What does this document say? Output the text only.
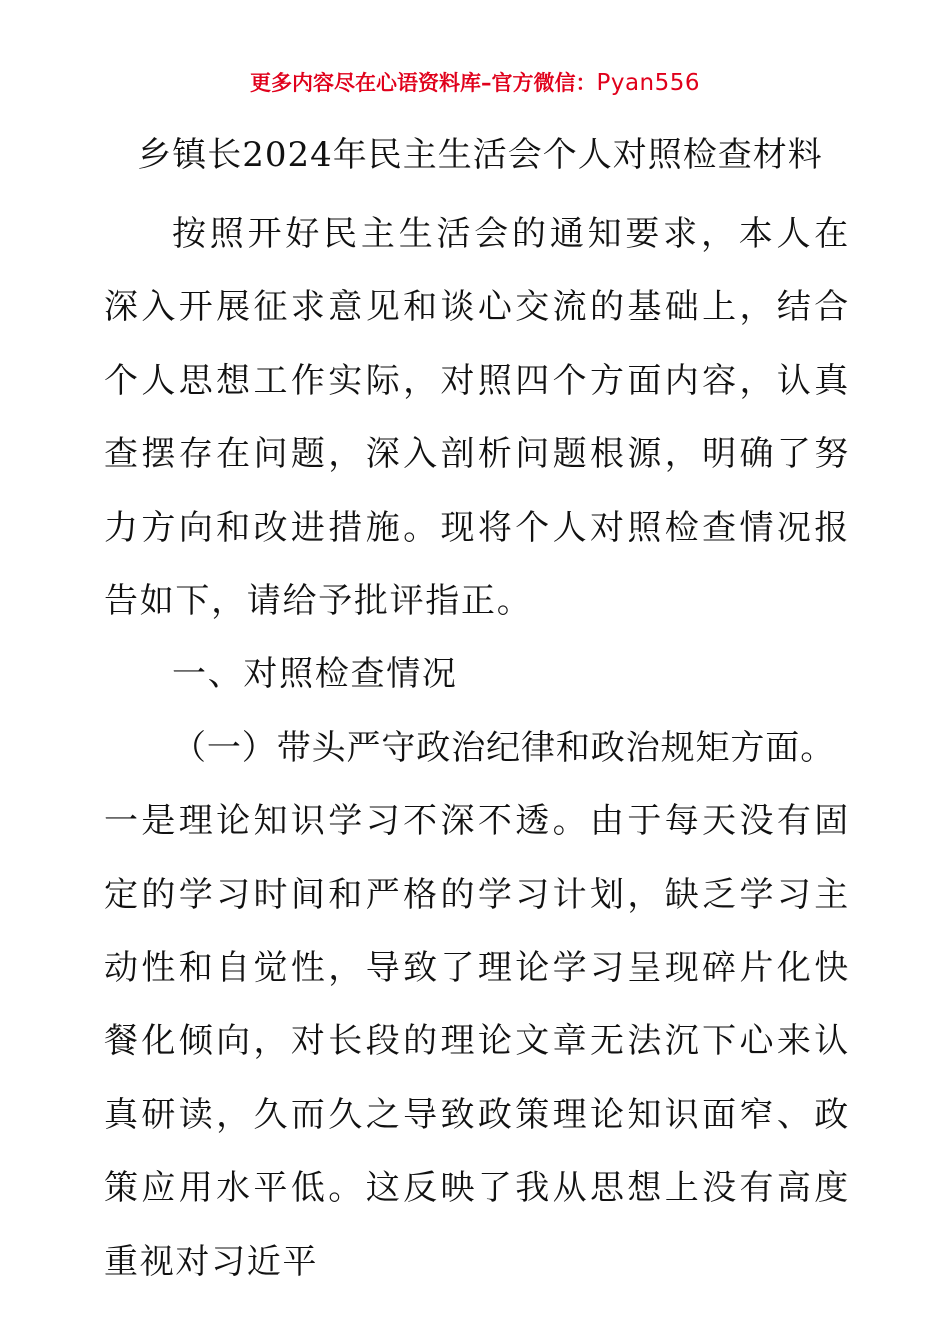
更多内容尽在心语资料库–官方微信：Pyan556
乡镇长2024年民主生活会个人对照检查材料

按照开好民主生活会的通知要求，本人在深入开展征求意见和谈心交流的基础上，结合个人思想工作实际，对照四个方面内容，认真查摆存在问题，深入剖析问题根源，明确了努力方向和改进措施。现将个人对照检查情况报告如下，请给予批评指正。

一、对照检查情况

（一）带头严守政治纪律和政治规矩方面。

一是理论知识学习不深不透。由于每天没有固定的学习时间和严格的学习计划，缺乏学习主动性和自觉性，导致了理论学习呈现碎片化快餐化倾向，对长段的理论文章无法沉下心来认真研读，久而久之导致政策理论知识面窄、政策应用水平低。这反映了我从思想上没有高度重视对习近平
